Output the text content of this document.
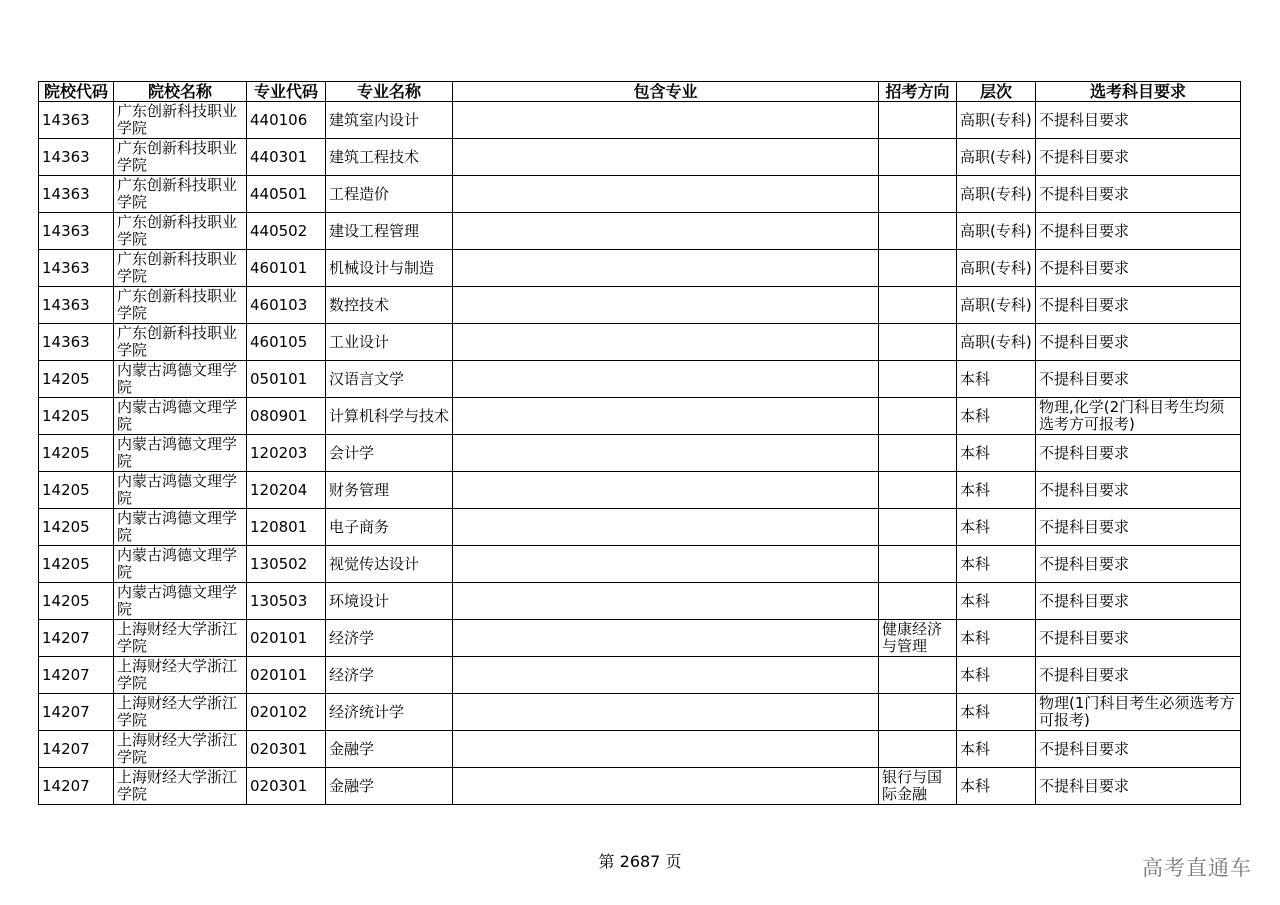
院校代码	院校名称	专业代码	专业名称	包含专业	招考方向	层次	选考科目要求
14363	广东创新科技职业学院	440106	建筑室内设计			高职(专科)	不提科目要求
14363	广东创新科技职业学院	440301	建筑工程技术			高职(专科)	不提科目要求
14363	广东创新科技职业学院	440501	工程造价			高职(专科)	不提科目要求
14363	广东创新科技职业学院	440502	建设工程管理			高职(专科)	不提科目要求
14363	广东创新科技职业学院	460101	机械设计与制造			高职(专科)	不提科目要求
14363	广东创新科技职业学院	460103	数控技术			高职(专科)	不提科目要求
14363	广东创新科技职业学院	460105	工业设计			高职(专科)	不提科目要求
14205	内蒙古鸿德文理学院	050101	汉语言文学			本科	不提科目要求
14205	内蒙古鸿德文理学院	080901	计算机科学与技术			本科	物理,化学(2门科目考生均须选考方可报考)
14205	内蒙古鸿德文理学院	120203	会计学			本科	不提科目要求
14205	内蒙古鸿德文理学院	120204	财务管理			本科	不提科目要求
14205	内蒙古鸿德文理学院	120801	电子商务			本科	不提科目要求
14205	内蒙古鸿德文理学院	130502	视觉传达设计			本科	不提科目要求
14205	内蒙古鸿德文理学院	130503	环境设计			本科	不提科目要求
14207	上海财经大学浙江学院	020101	经济学		健康经济与管理	本科	不提科目要求
14207	上海财经大学浙江学院	020101	经济学			本科	不提科目要求
14207	上海财经大学浙江学院	020102	经济统计学			本科	物理(1门科目考生必须选考方可报考)
14207	上海财经大学浙江学院	020301	金融学			本科	不提科目要求
14207	上海财经大学浙江学院	020301	金融学		银行与国际金融	本科	不提科目要求
第 2687 页	高考直通车
